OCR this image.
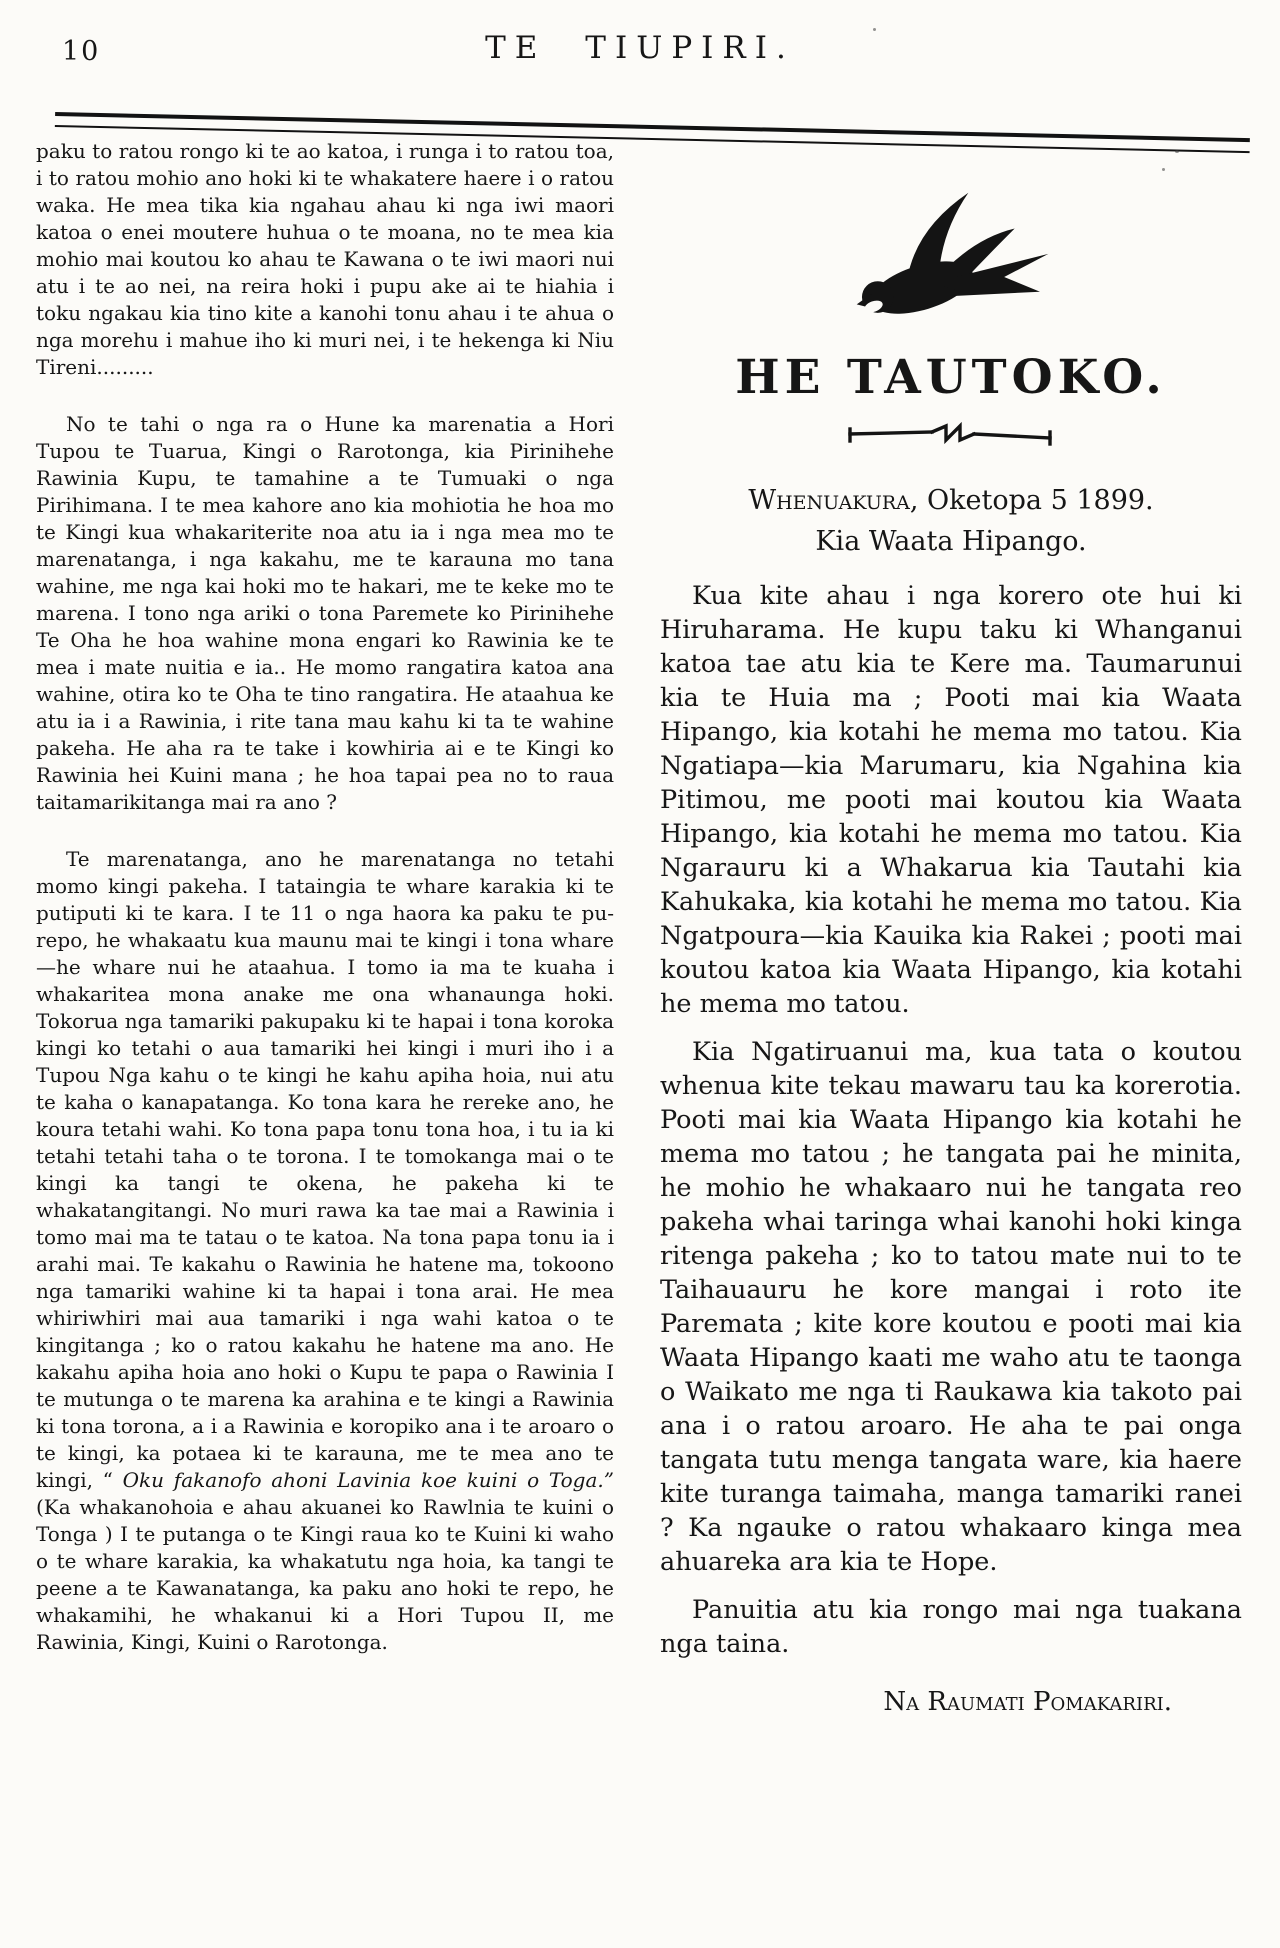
10	TE TIUPIRI.

paku to ratou rongo ki te ao katoa, i runga i to ratou toa, i to ratou mohio ano hoki ki te whakatere haere i o ratou waka. He mea tika kia ngahau ahau ki nga iwi maori katoa o enei moutere huhua o te moana, no te mea kia mohio mai koutou ko ahau te Kawana o te iwi maori nui atu i te ao nei, na reira hoki i pupu ake ai te hiahia i toku ngakau kia tino kite a kanohi tonu ahau i te ahua o nga morehu i mahue iho ki muri nei, i te hekenga ki Niu Tireni.........

No te tahi o nga ra o Hune ka marenatia a Hori Tupou te Tuarua, Kingi o Rarotonga, kia Pirinihehe Rawinia Kupu, te tamahine a te Tumuaki o nga Pirihimana. I te mea kahore ano kia mohiotia he hoa mo te Kingi kua whakariterite noa atu ia i nga mea mo te marenatanga, i nga kakahu, me te karauna mo tana wahine, me nga kai hoki mo te hakari, me te keke mo te marena. I tono nga ariki o tona Paremete ko Pirinihehe Te Oha he hoa wahine mona engari ko Rawinia ke te mea i mate nuitia e ia.. He momo rangatira katoa ana wahine, otira ko te Oha te tino rangatira. He ataahua ke atu ia i a Rawinia, i rite tana mau kahu ki ta te wahine pakeha. He aha ra te take i kowhiria ai e te Kingi ko Rawinia hei Kuini mana ; he hoa tapai pea no to raua taitamarikitanga mai ra ano ?

Te marenatanga, ano he marenatanga no tetahi momo kingi pakeha. I tataingia te whare karakia ki te putiputi ki te kara. I te 11 o nga haora ka paku te pu-repo, he whakaatu kua maunu mai te kingi i tona whare—he whare nui he ataahua. I tomo ia ma te kuaha i whakaritea mona anake me ona whanaunga hoki. Tokorua nga tamariki pakupaku ki te hapai i tona koroka kingi ko tetahi o aua tamariki hei kingi i muri iho i a Tupou Nga kahu o te kingi he kahu apiha hoia, nui atu te kaha o kanapatanga. Ko tona kara he rereke ano, he koura tetahi wahi. Ko tona papa tonu tona hoa, i tu ia ki tetahi tetahi taha o te torona. I te tomokanga mai o te kingi ka tangi te okena, he pakeha ki te whakatangitangi. No muri rawa ka tae mai a Rawinia i tomo mai ma te tatau o te katoa. Na tona papa tonu ia i arahi mai. Te kakahu o Rawinia he hatene ma, tokoono nga tamariki wahine ki ta hapai i tona arai. He mea whiriwhiri mai aua tamariki i nga wahi katoa o te kingitanga ; ko o ratou kakahu he hatene ma ano. He kakahu apiha hoia ano hoki o Kupu te papa o Rawinia I te mutunga o te marena ka arahina e te kingi a Rawinia ki tona torona, a i a Rawinia e koropiko ana i te aroaro o te kingi, ka potaea ki te karauna, me te mea ano te kingi, “ Oku fakanofo ahoni Lavinia koe kuini o Toga.” (Ka whakanohoia e ahau akuanei ko Rawlnia te kuini o Tonga ) I te putanga o te Kingi raua ko te Kuini ki waho o te whare karakia, ka whakatutu nga hoia, ka tangi te peene a te Kawanatanga, ka paku ano hoki te repo, he whakamihi, he whakanui ki a Hori Tupou II, me Rawinia, Kingi, Kuini o Rarotonga.

HE TAUTOKO.

Whenuakura, Oketopa 5 1899.

Kia Waata Hipango.

Kua kite ahau i nga korero ote hui ki Hiruharama. He kupu taku ki Whanganui katoa tae atu kia te Kere ma. Taumarunui kia te Huia ma ; Pooti mai kia Waata Hipango, kia kotahi he mema mo tatou. Kia Ngatiapa—kia Marumaru, kia Ngahina kia Pitimou, me pooti mai koutou kia Waata Hipango, kia kotahi he mema mo tatou. Kia Ngarauru ki a Whakarua kia Tautahi kia Kahukaka, kia kotahi he mema mo tatou. Kia Ngatpoura—kia Kauika kia Rakei ; pooti mai koutou katoa kia Waata Hipango, kia kotahi he mema mo tatou.

Kia Ngatiruanui ma, kua tata o koutou whenua kite tekau mawaru tau ka korerotia. Pooti mai kia Waata Hipango kia kotahi he mema mo tatou ; he tangata pai he minita, he mohio he whakaaro nui he tangata reo pakeha whai taringa whai kanohi hoki kinga ritenga pakeha ; ko to tatou mate nui to te Taihauauru he kore mangai i roto ite Paremata ; kite kore koutou e pooti mai kia Waata Hipango kaati me waho atu te taonga o Waikato me nga ti Raukawa kia takoto pai ana i o ratou aroaro. He aha te pai onga tangata tutu menga tangata ware, kia haere kite turanga taimaha, manga tamariki ranei ? Ka ngauke o ratou whakaaro kinga mea ahuareka ara kia te Hope.

Panuitia atu kia rongo mai nga tuakana nga taina.

Na Raumati Pomakariri.
